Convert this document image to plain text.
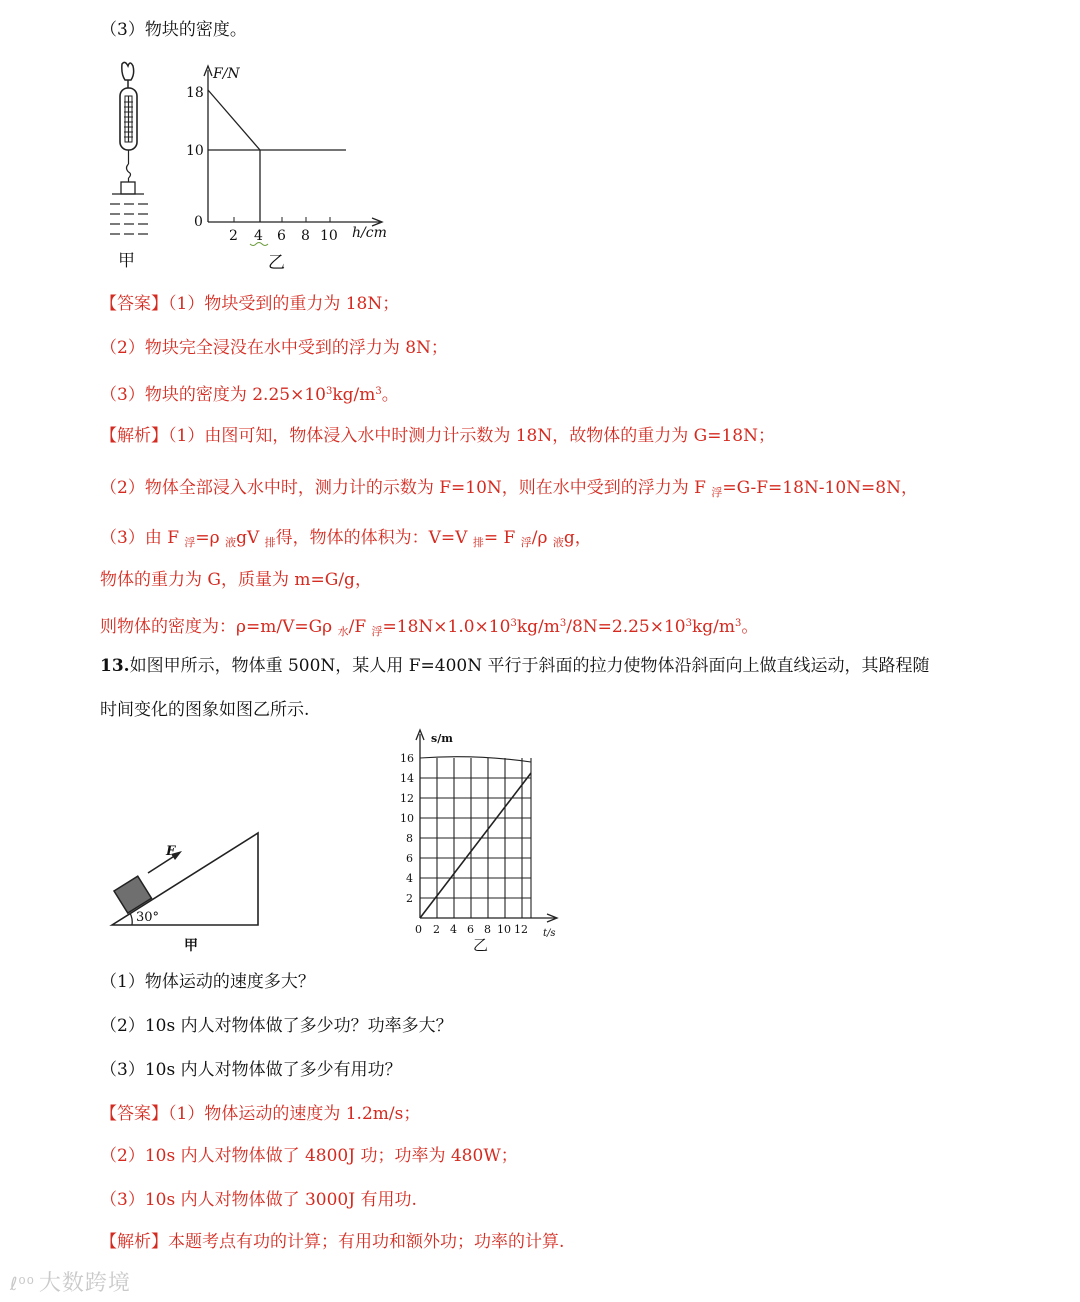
（3）物块的密度。
甲
F/N
18
10
0
2 4 6 8 10 h/cm
乙
【答案】（1）物块受到的重力为 18N；
（2）物块完全浸没在水中受到的浮力为 8N；
（3）物块的密度为 $2.25\times 10^3kg/m^3$。
【解析】（1）由图可知，物体浸入水中时测力计示数为 18N，故物体的重力为 G=18N；
（2）物体全部浸入水中时，测力计的示数为 F=10N，则在水中受到的浮力为 F $_浮$=G-F=18N-10N=8N，
（3）由 F $_浮$=ρ $_液$gV $_排$得，物体的体积为：V=V $_排$= F $_浮$/ρ $_液$g，
物体的重力为 G，质量为 m=G/g，
则物体的密度为：ρ=m/V=Gρ $_水$/F $_浮=18N\times 1.0\times 10^3kg/m^3/8N=2.25\times 10^3kg/m^3$。
13.如图甲所示，物体重 500N，某人用 F=400N 平行于斜面的拉力使物体沿斜面向上做直线运动，其路程随
时间变化的图象如图乙所示.
F
30°
甲
s/m
16
14
12
10
8
6
4
2
0 2 4 6 8 10 12 t/s
乙
（1）物体运动的速度多大？
（2）10s 内人对物体做了多少功？功率多大？
（3）10s 内人对物体做了多少有用功？
【答案】（1）物体运动的速度为 1.2m/s；
（2）10s 内人对物体做了 4800J 功；功率为 480W；
（3）10s 内人对物体做了 3000J 有用功.
【解析】本题考点有功的计算；有用功和额外功；功率的计算.
ℓ⁰⁰ 大数跨境
